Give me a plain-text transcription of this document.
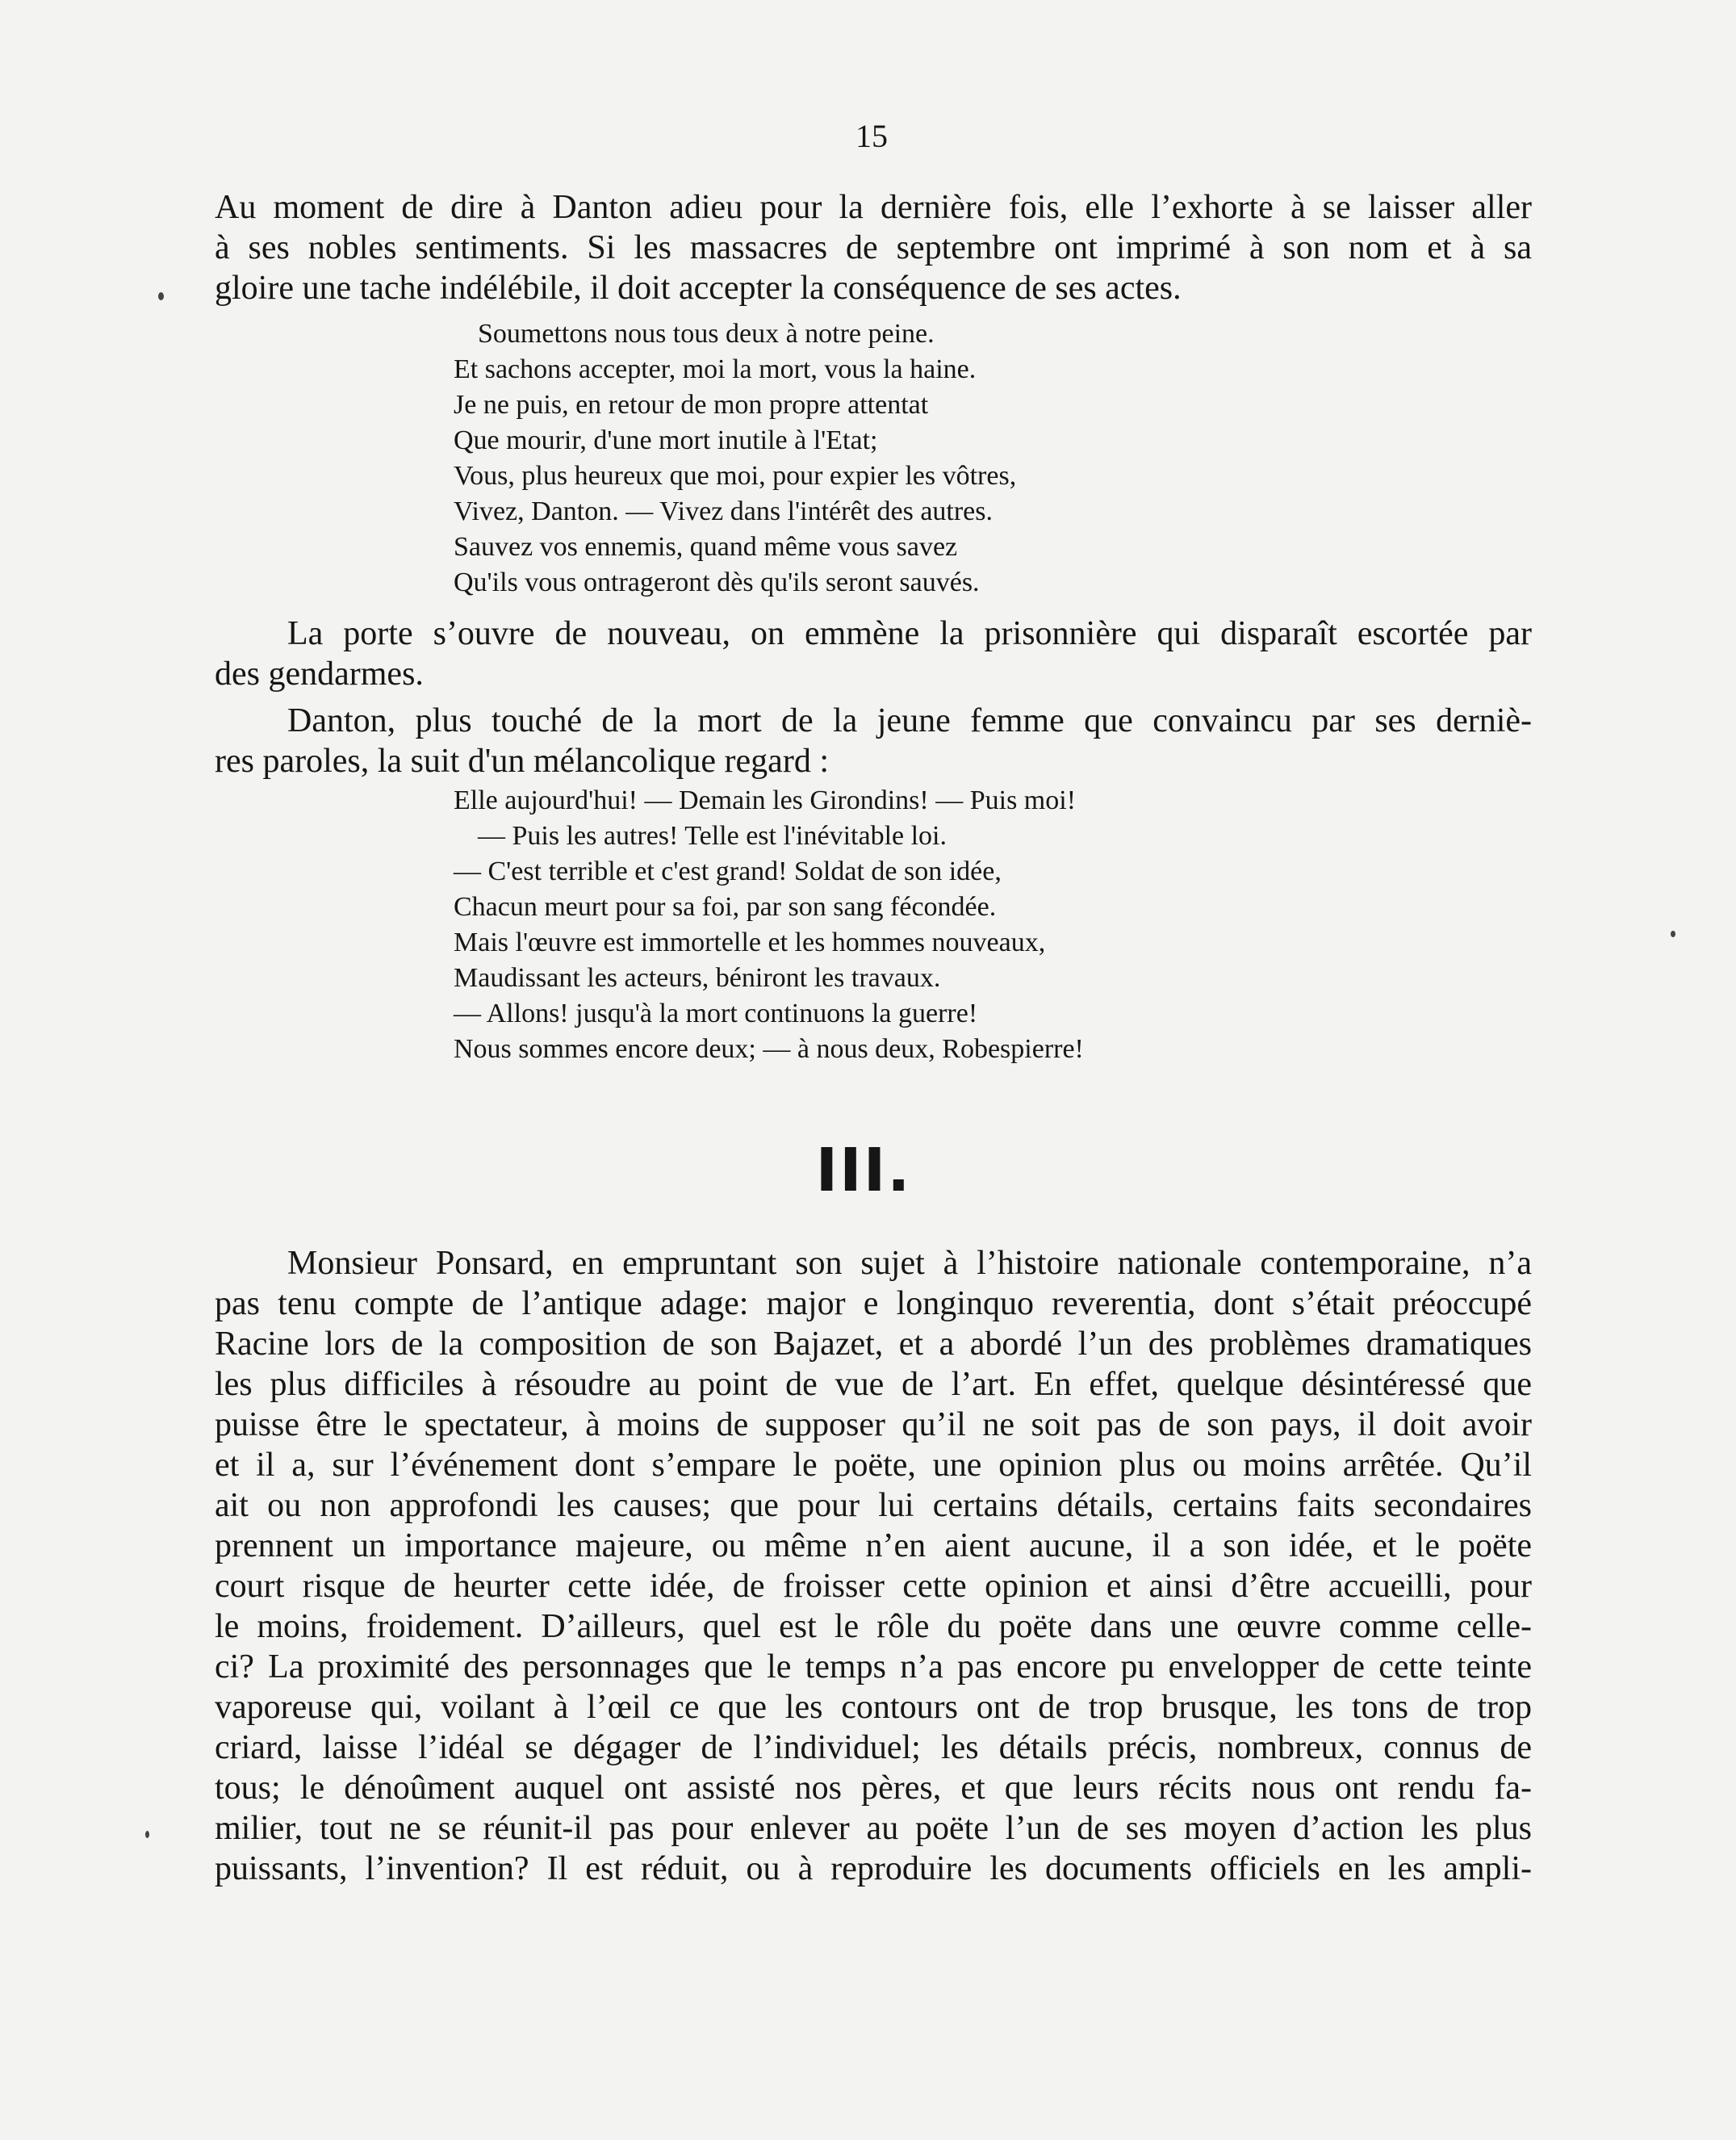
15
Au moment de dire à Danton adieu pour la dernière fois, elle l’exhorte à se laisser aller
à ses nobles sentiments. Si les massacres de septembre ont imprimé à son nom et à sa
gloire une tache indélébile, il doit accepter la conséquence de ses actes.
Soumettons nous tous deux à notre peine.
Et sachons accepter, moi la mort, vous la haine.
Je ne puis, en retour de mon propre attentat
Que mourir, d'une mort inutile à l'Etat;
Vous, plus heureux que moi, pour expier les vôtres,
Vivez, Danton. — Vivez dans l'intérêt des autres.
Sauvez vos ennemis, quand même vous savez
Qu'ils vous ontrageront dès qu'ils seront sauvés.
La porte s’ouvre de nouveau, on emmène la prisonnière qui disparaît escortée par
des gendarmes.
Danton, plus touché de la mort de la jeune femme que convaincu par ses derniè-
res paroles, la suit d'un mélancolique regard :
Elle aujourd'hui! — Demain les Girondins! — Puis moi!
— Puis les autres! Telle est l'inévitable loi.
— C'est terrible et c'est grand! Soldat de son idée,
Chacun meurt pour sa foi, par son sang fécondée.
Mais l'œuvre est immortelle et les hommes nouveaux,
Maudissant les acteurs, béniront les travaux.
— Allons! jusqu'à la mort continuons la guerre!
Nous sommes encore deux; — à nous deux, Robespierre!
III.
Monsieur Ponsard, en empruntant son sujet à l’histoire nationale contemporaine, n’a
pas tenu compte de l’antique adage: major e longinquo reverentia, dont s’était préoccupé
Racine lors de la composition de son Bajazet, et a abordé l’un des problèmes dramatiques
les plus difficiles à résoudre au point de vue de l’art. En effet, quelque désintéressé que
puisse être le spectateur, à moins de supposer qu’il ne soit pas de son pays, il doit avoir
et il a, sur l’événement dont s’empare le poëte, une opinion plus ou moins arrêtée. Qu’il
ait ou non approfondi les causes; que pour lui certains détails, certains faits secondaires
prennent un importance majeure, ou même n’en aient aucune, il a son idée, et le poëte
court risque de heurter cette idée, de froisser cette opinion et ainsi d’être accueilli, pour
le moins, froidement. D’ailleurs, quel est le rôle du poëte dans une œuvre comme celle-
ci? La proximité des personnages que le temps n’a pas encore pu envelopper de cette teinte
vaporeuse qui, voilant à l’œil ce que les contours ont de trop brusque, les tons de trop
criard, laisse l’idéal se dégager de l’individuel; les détails précis, nombreux, connus de
tous; le dénoûment auquel ont assisté nos pères, et que leurs récits nous ont rendu fa-
milier, tout ne se réunit-il pas pour enlever au poëte l’un de ses moyen d’action les plus
puissants, l’invention? Il est réduit, ou à reproduire les documents officiels en les ampli-
